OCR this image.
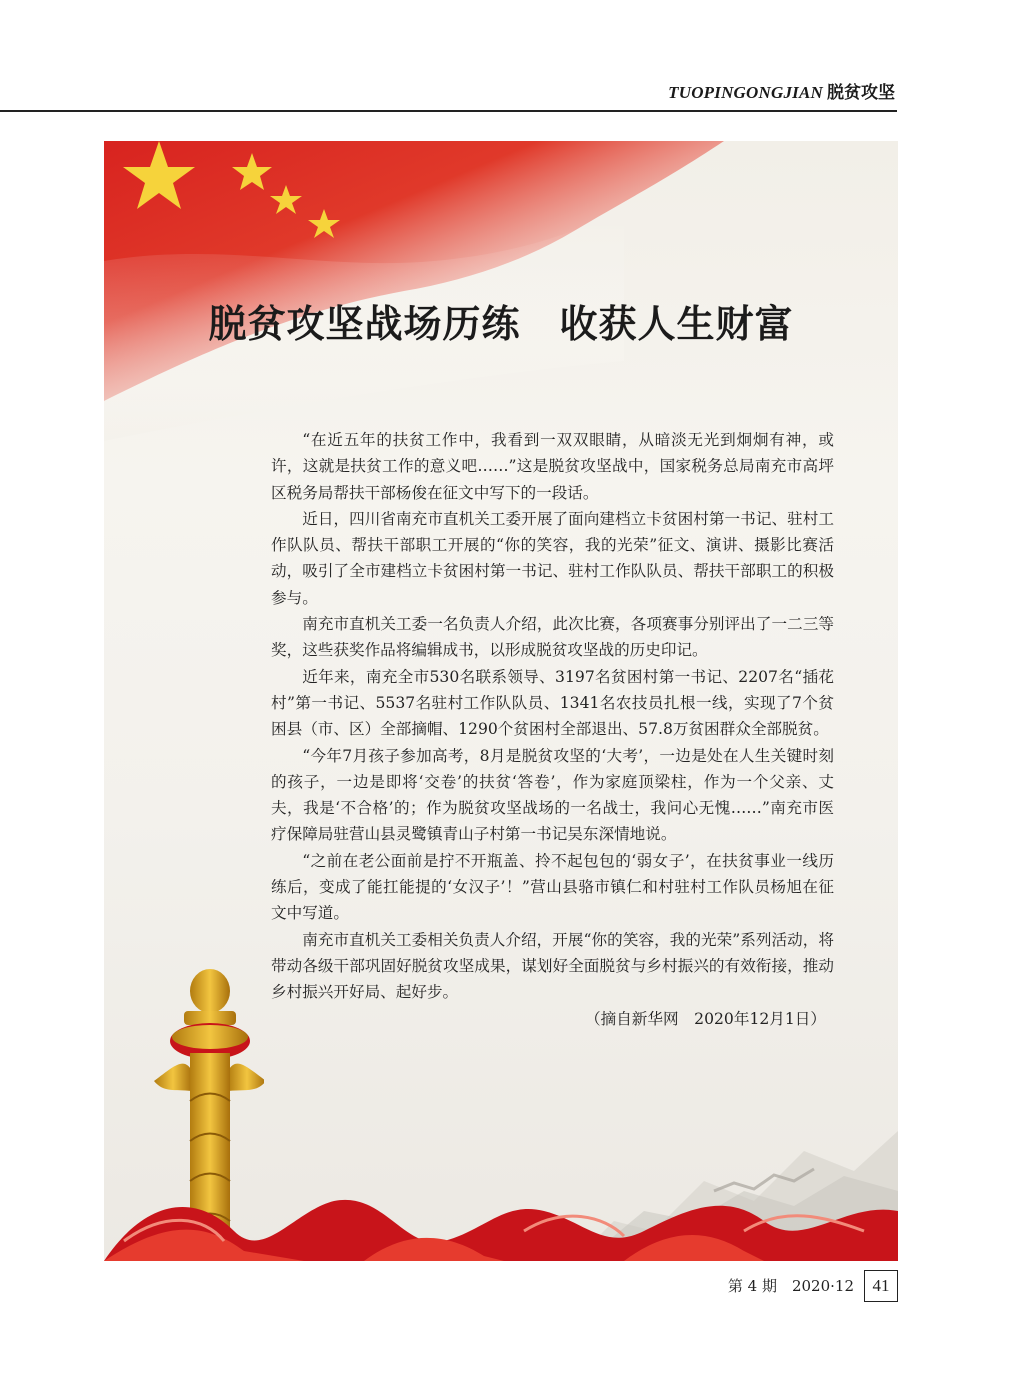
TUOPINGONGJIAN 脱贫攻坚
脱贫攻坚战场历练　收获人生财富

“在近五年的扶贫工作中，我看到一双双眼睛，从暗淡无光到炯炯有神，或许，这就是扶贫工作的意义吧……”这是脱贫攻坚战中，国家税务总局南充市高坪区税务局帮扶干部杨俊在征文中写下的一段话。

近日，四川省南充市直机关工委开展了面向建档立卡贫困村第一书记、驻村工作队队员、帮扶干部职工开展的“你的笑容，我的光荣”征文、演讲、摄影比赛活动，吸引了全市建档立卡贫困村第一书记、驻村工作队队员、帮扶干部职工的积极参与。

南充市直机关工委一名负责人介绍，此次比赛，各项赛事分别评出了一二三等奖，这些获奖作品将编辑成书，以形成脱贫攻坚战的历史印记。

近年来，南充全市530名联系领导、3197名贫困村第一书记、2207名“插花村”第一书记、5537名驻村工作队队员、1341名农技员扎根一线，实现了7个贫困县（市、区）全部摘帽、1290个贫困村全部退出、57.8万贫困群众全部脱贫。

“今年7月孩子参加高考，8月是脱贫攻坚的‘大考’，一边是处在人生关键时刻的孩子，一边是即将‘交卷’的扶贫‘答卷’，作为家庭顶梁柱，作为一个父亲、丈夫，我是‘不合格’的；作为脱贫攻坚战场的一名战士，我问心无愧……”南充市医疗保障局驻营山县灵鹭镇青山子村第一书记吴东深情地说。

“之前在老公面前是拧不开瓶盖、拎不起包包的‘弱女子’，在扶贫事业一线历练后，变成了能扛能提的‘女汉子’！”营山县骆市镇仁和村驻村工作队员杨旭在征文中写道。

南充市直机关工委相关负责人介绍，开展“你的笑容，我的光荣”系列活动，将带动各级干部巩固好脱贫攻坚成果，谋划好全面脱贫与乡村振兴的有效衔接，推动乡村振兴开好局、起好步。

（摘自新华网　2020年12月1日）

第 4 期　2020·12	41
